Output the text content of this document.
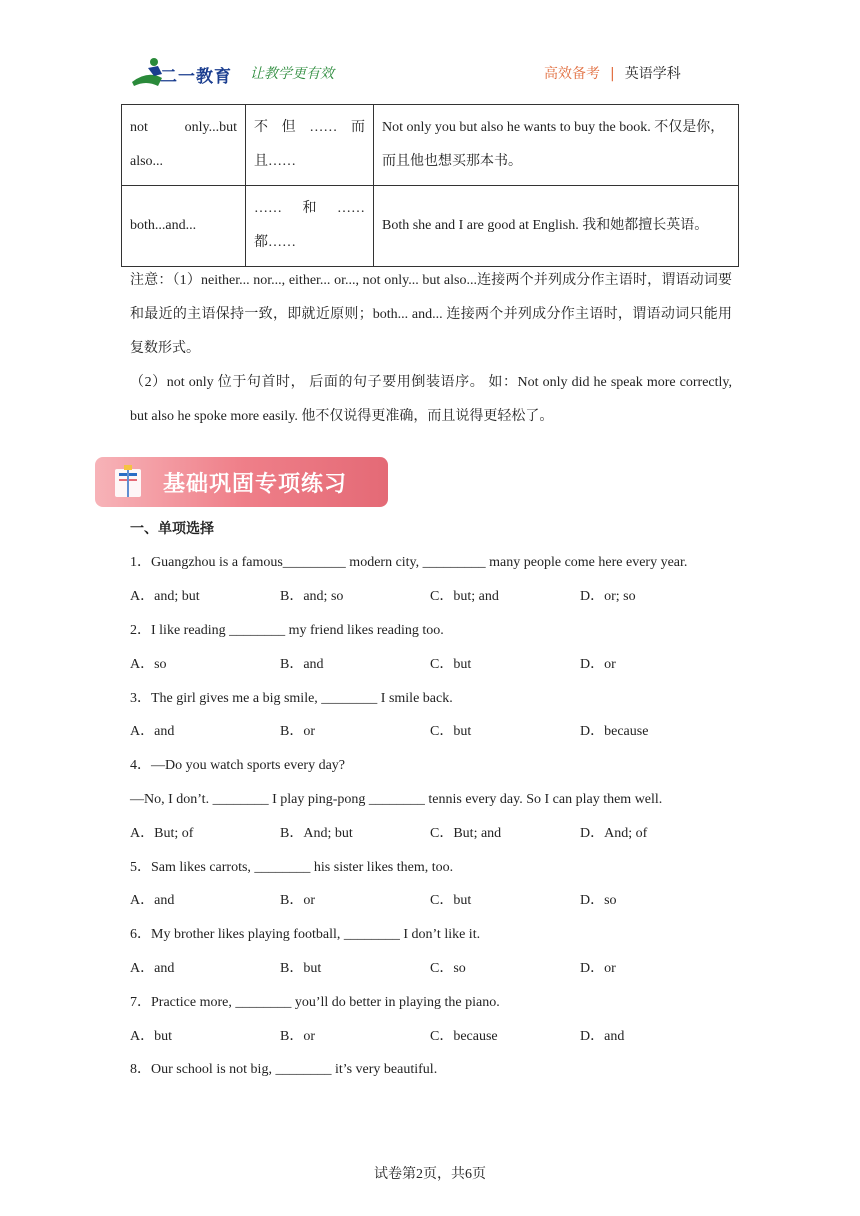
二一教育 让教学更有效	高效备考 | 英语学科
not only...but also...	不但……而且……	Not only you but also he wants to buy the book. 不仅是你，而且他也想买那本书。
both...and...	……和……都……	Both she and I are good at English. 我和她都擅长英语。
注意：（1）neither... nor..., either... or..., not only... but also...连接两个并列成分作主语时，谓语动词要和最近的主语保持一致，即就近原则；both... and... 连接两个并列成分作主语时，谓语动词只能用复数形式。
（2）not only 位于句首时， 后面的句子要用倒装语序。 如：Not only did he speak more correctly, but also he spoke more easily. 他不仅说得更准确，而且说得更轻松了。
基础巩固专项练习
一、单项选择
1．Guangzhou is a famous_________ modern city, _________ many people come here every year.
A．and; but	B．and; so	C．but; and	D．or; so
2．I like reading ________ my friend likes reading too.
A．so	B．and	C．but	D．or
3．The girl gives me a big smile, ________ I smile back.
A．and	B．or	C．but	D．because
4．—Do you watch sports every day?
—No, I don’t. ________ I play ping-pong ________ tennis every day. So I can play them well.
A．But; of	B．And; but	C．But; and	D．And; of
5．Sam likes carrots, ________ his sister likes them, too.
A．and	B．or	C．but	D．so
6．My brother likes playing football, ________ I don’t like it.
A．and	B．but	C．so	D．or
7．Practice more, ________ you’ll do better in playing the piano.
A．but	B．or	C．because	D．and
8．Our school is not big, ________ it’s very beautiful.
试卷第2页，共6页
